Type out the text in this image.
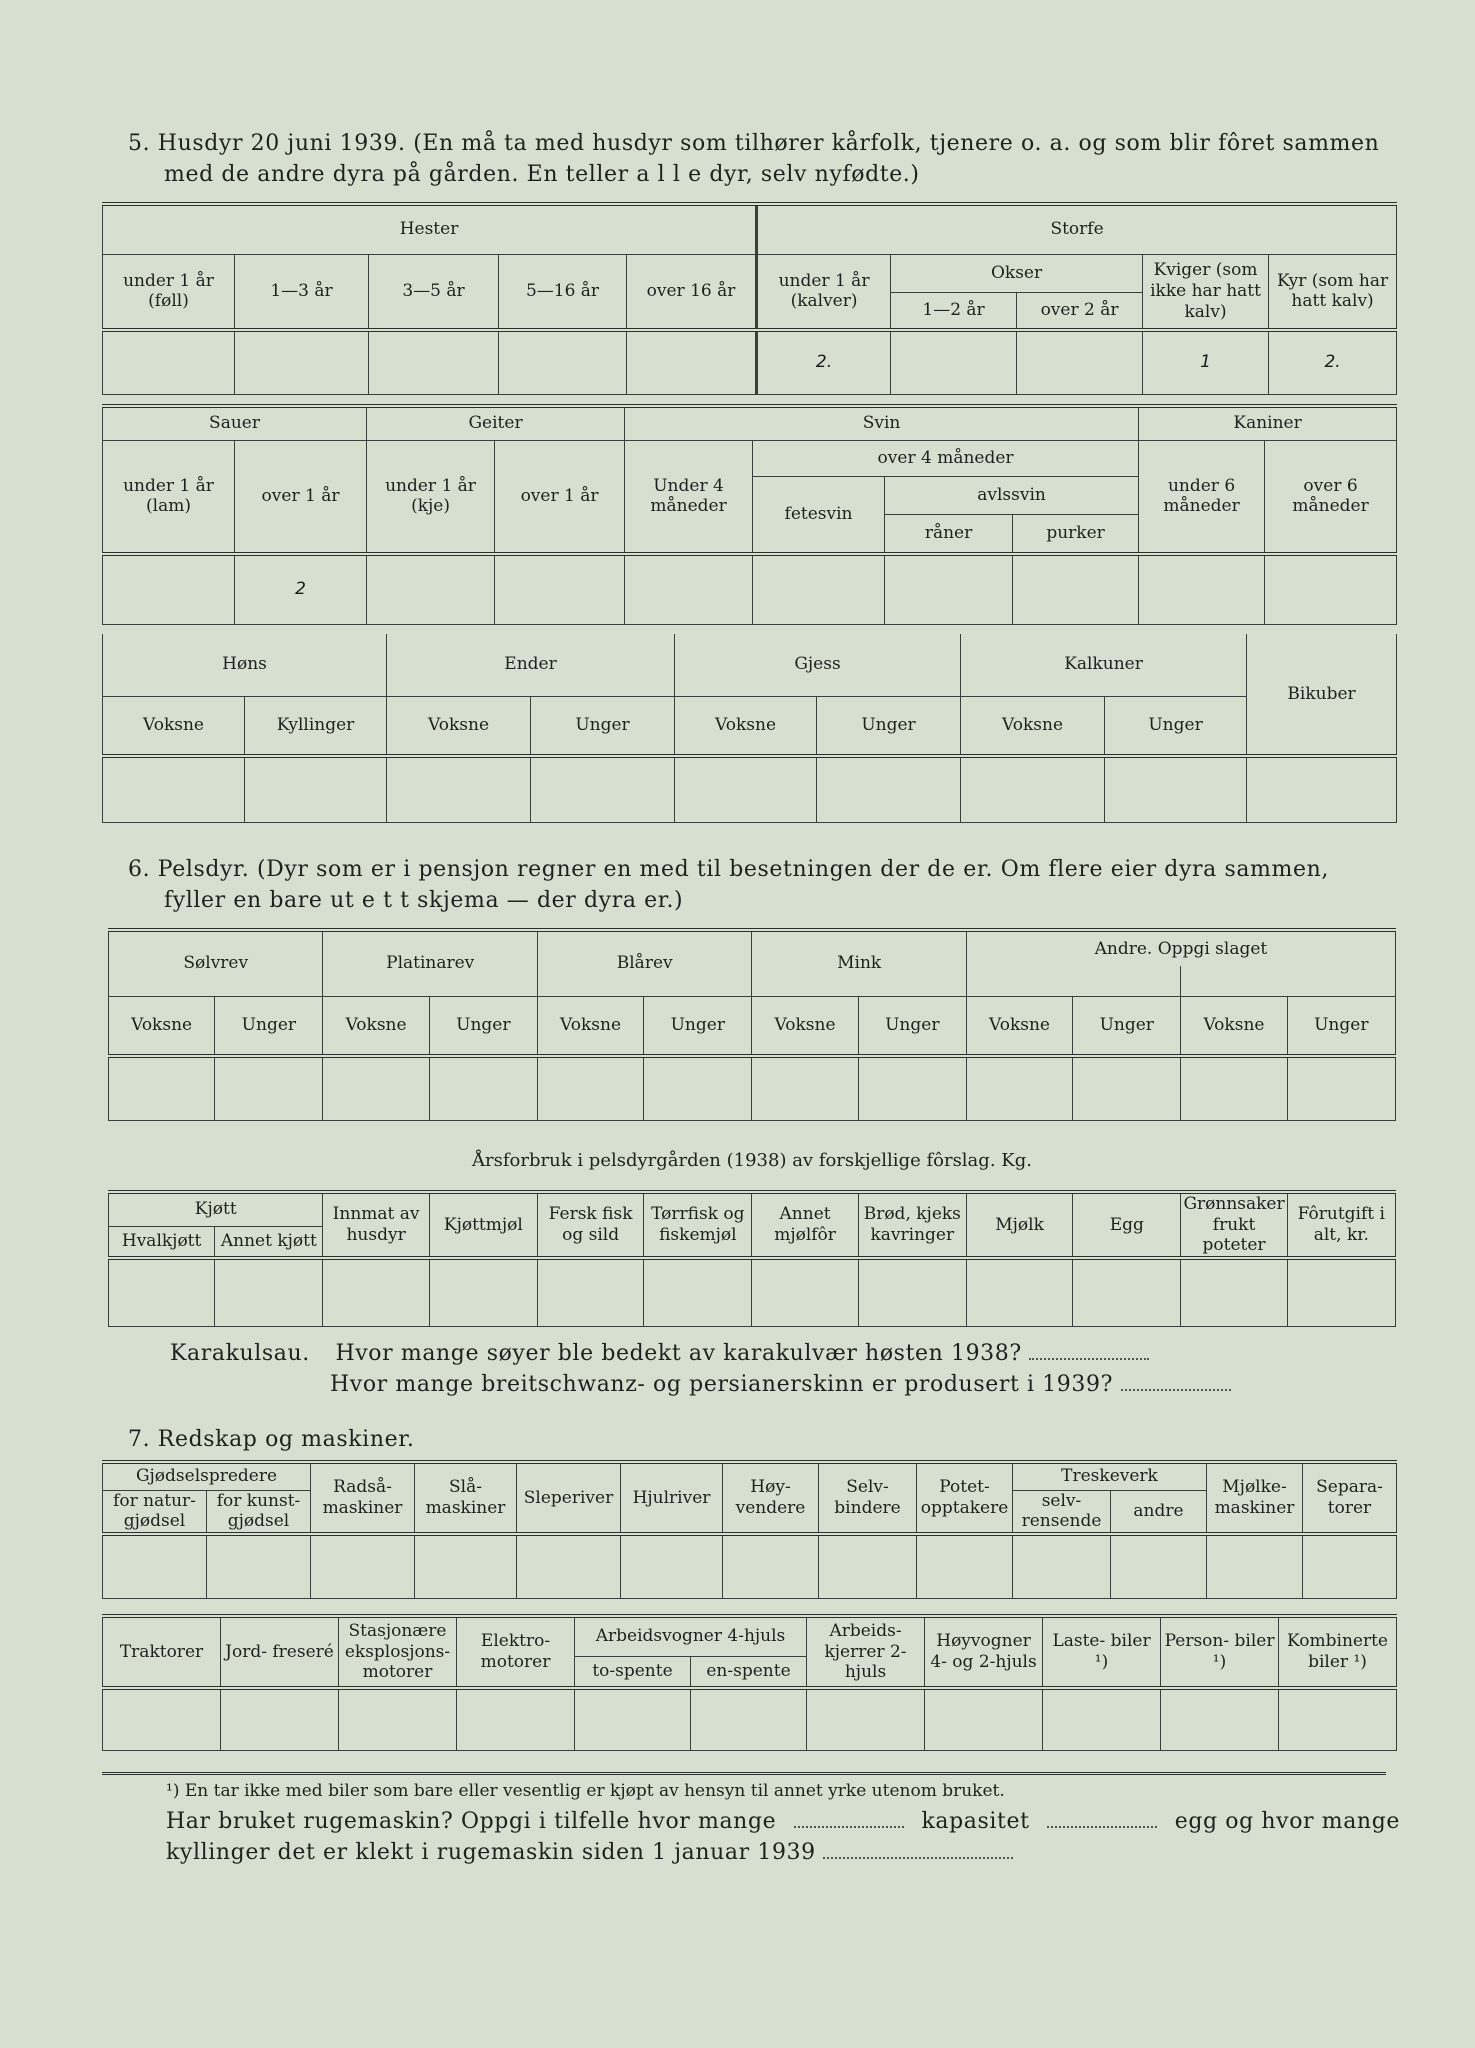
5. Husdyr 20 juni 1939. (En må ta med husdyr som tilhører kårfolk, tjenere o. a. og som blir fôret sammen
med de andre dyra på gården. En teller a l l e dyr, selv nyfødte.)
Hester					Storfe				
under 1 år (føll)	1—3 år	3—5 år	5—16 år	over 16 år	under 1 år (kalver)	Okser		Kviger (som ikke har hatt kalv)	Kyr (som har hatt kalv)
						1—2 år	over 2 år		
					2.			1	2.
Sauer		Geiter		Svin				Kaniner	
under 1 år (lam)	over 1 år	under 1 år (kje)	over 1 år	Under 4 måneder	over 4 måneder			under 6 måneder	over 6 måneder
					fetesvin	avlssvin			
						råner	purker		
	2								
Høns		Ender		Gjess		Kalkuner		Bikuber
Voksne	Kyllinger	Voksne	Unger	Voksne	Unger	Voksne	Unger	

6. Pelsdyr. (Dyr som er i pensjon regner en med til besetningen der de er. Om flere eier dyra sammen,
fyller en bare ut e t t skjema — der dyra er.)
Sølvrev		Platinarev		Blårev		Mink		Andre. Oppgi slaget			

Voksne	Unger	Voksne	Unger	Voksne	Unger	Voksne	Unger	Voksne	Unger	Voksne	Unger

Årsforbruk i pelsdyrgården (1938) av forskjellige fôrslag. Kg.
Kjøtt		Innmat av husdyr	Kjøttmjøl	Fersk fisk og sild	Tørrfisk og fiskemjøl	Annet mjølfôr	Brød, kjeks kavringer	Mjølk	Egg	Grønnsaker frukt poteter	Fôrutgift i alt, kr.
Hvalkjøtt	Annet kjøtt										

Karakulsau. Hvor mange søyer ble bedekt av karakulvær høsten 1938?
Hvor mange breitschwanz- og persianerskinn er produsert i 1939?
7. Redskap og maskiner.
Gjødselspredere		Radså- maskiner	Slå- maskiner	Sleperiver	Hjulriver	Høy- vendere	Selv- bindere	Potet- opptakere	Treskeverk		Mjølke- maskiner	Separa- torer
for natur- gjødsel	for kunst- gjødsel								selv- rensende	andre		

Traktorer	Jord- freseré	Stasjonære eksplosjons- motorer	Elektro- motorer	Arbeidsvogner 4-hjuls		Arbeids- kjerrer 2-hjuls	Høyvogner 4- og 2-hjuls	Laste- biler ¹)	Person- biler ¹)	Kombinerte biler ¹)
				to-spente	en-spente					

¹) En tar ikke med biler som bare eller vesentlig er kjøpt av hensyn til annet yrke utenom bruket.
Har bruket rugemaskin? Oppgi i tilfelle hvor mange	kapasitet	egg og hvor mange
kyllinger det er klekt i rugemaskin siden 1 januar 1939
